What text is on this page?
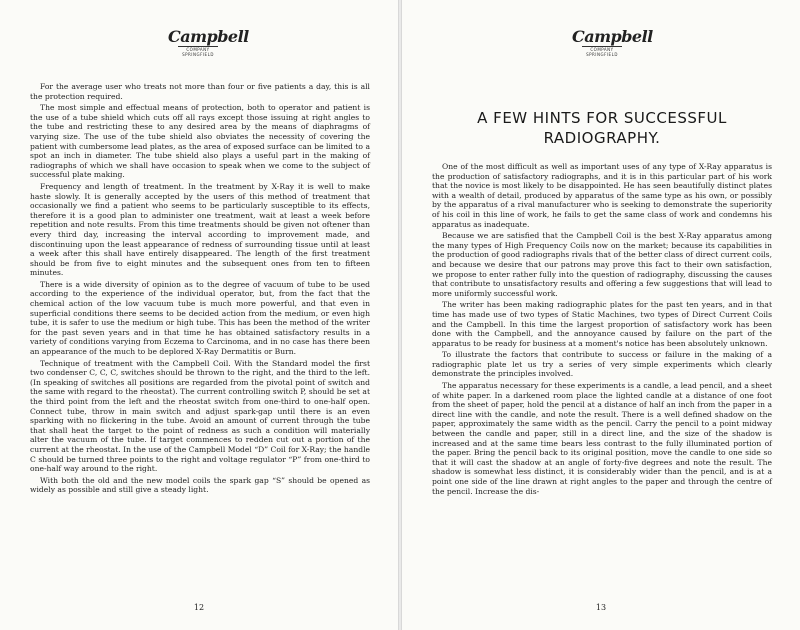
Campbell
COMPANY SPRINGFIELD

For the average user who treats not more than four or five patients a day, this is all the protection required.

The most simple and effectual means of protection, both to operator and patient is the use of a tube shield which cuts off all rays except those issuing at right angles to the tube and restricting these to any desired area by the means of diaphragms of varying size. The use of the tube shield also obviates the necessity of covering the patient with cumbersome lead plates, as the area of exposed surface can be limited to a spot an inch in diameter. The tube shield also plays a useful part in the making of radiographs of which we shall have occasion to speak when we come to the subject of successful plate making.

Frequency and length of treatment. In the treatment by X-Ray it is well to make haste slowly. It is generally accepted by the users of this method of treatment that occasionally we find a patient who seems to be particularly susceptible to its effects, therefore it is a good plan to administer one treatment, wait at least a week before repetition and note results. From this time treatments should be given not oftener than every third day, increasing the interval according to improvement made, and discontinuing upon the least appearance of redness of surrounding tissue until at least a week after this shall have entirely disappeared. The length of the first treatment should be from five to eight minutes and the subsequent ones from ten to fifteen minutes.

There is a wide diversity of opinion as to the degree of vacuum of tube to be used according to the experience of the individual operator, but, from the fact that the chemical action of the low vacuum tube is much more powerful, and that even in superficial conditions there seems to be decided action from the medium, or even high tube, it is safer to use the medium or high tube. This has been the method of the writer for the past seven years and in that time he has obtained satisfactory results in a variety of conditions varying from Eczema to Carcinoma, and in no case has there been an appearance of the much to be deplored X-Ray Dermatitis or Burn.

Technique of treatment with the Campbell Coil. With the Standard model the first two condenser C, C, C, switches should be thrown to the right, and the third to the left. (In speaking of switches all positions are regarded from the pivotal point of switch and the same with regard to the rheostat). The current controlling switch P, should be set at the third point from the left and the rheostat switch from one-third to one-half open. Connect tube, throw in main switch and adjust spark-gap until there is an even sparking with no flickering in the tube. Avoid an amount of current through the tube that shall heat the target to the point of redness as such a condition will materially alter the vacuum of the tube. If target commences to redden cut out a portion of the current at the rheostat. In the use of the Campbell Model “D” Coil for X-Ray; the handle C should be turned three points to the right and voltage regulator “P” from one-third to one-half way around to the right.

With both the old and the new model coils the spark gap “S” should be opened as widely as possible and still give a steady light.

12
Campbell
COMPANY SPRINGFIELD
A FEW HINTS FOR SUCCESSFUL
RADIOGRAPHY.

One of the most difficult as well as important uses of any type of X-Ray apparatus is the production of satisfactory radiographs, and it is in this particular part of his work that the novice is most likely to be disappointed. He has seen beautifully distinct plates with a wealth of detail, produced by apparatus of the same type as his own, or possibly by the apparatus of a rival manufacturer who is seeking to demonstrate the superiority of his coil in this line of work, he fails to get the same class of work and condemns his apparatus as inadequate.

Because we are satisfied that the Campbell Coil is the best X-Ray apparatus among the many types of High Frequency Coils now on the market; because its capabilities in the production of good radiographs rivals that of the better class of direct current coils, and because we desire that our patrons may prove this fact to their own satisfaction, we propose to enter rather fully into the question of radiography, discussing the causes that contribute to unsatisfactory results and offering a few suggestions that will lead to more uniformly successful work.

The writer has been making radiographic plates for the past ten years, and in that time has made use of two types of Static Machines, two types of Direct Current Coils and the Campbell. In this time the largest proportion of satisfactory work has been done with the Campbell, and the annoyance caused by failure on the part of the apparatus to be ready for business at a moment's notice has been absolutely unknown.

To illustrate the factors that contribute to success or failure in the making of a radiographic plate let us try a series of very simple experiments which clearly demonstrate the principles involved.

The apparatus necessary for these experiments is a candle, a lead pencil, and a sheet of white paper. In a darkened room place the lighted candle at a distance of one foot from the sheet of paper, hold the pencil at a distance of half an inch from the paper in a direct line with the candle, and note the result. There is a well defined shadow on the paper, approximately the same width as the pencil. Carry the pencil to a point midway between the candle and paper, still in a direct line, and the size of the shadow is increased and at the same time bears less contrast to the fully illuminated portion of the paper. Bring the pencil back to its original position, move the candle to one side so that it will cast the shadow at an angle of forty-five degrees and note the result. The shadow is somewhat less distinct, it is considerably wider than the pencil, and is at a point one side of the line drawn at right angles to the paper and through the centre of the pencil. Increase the dis-

13
